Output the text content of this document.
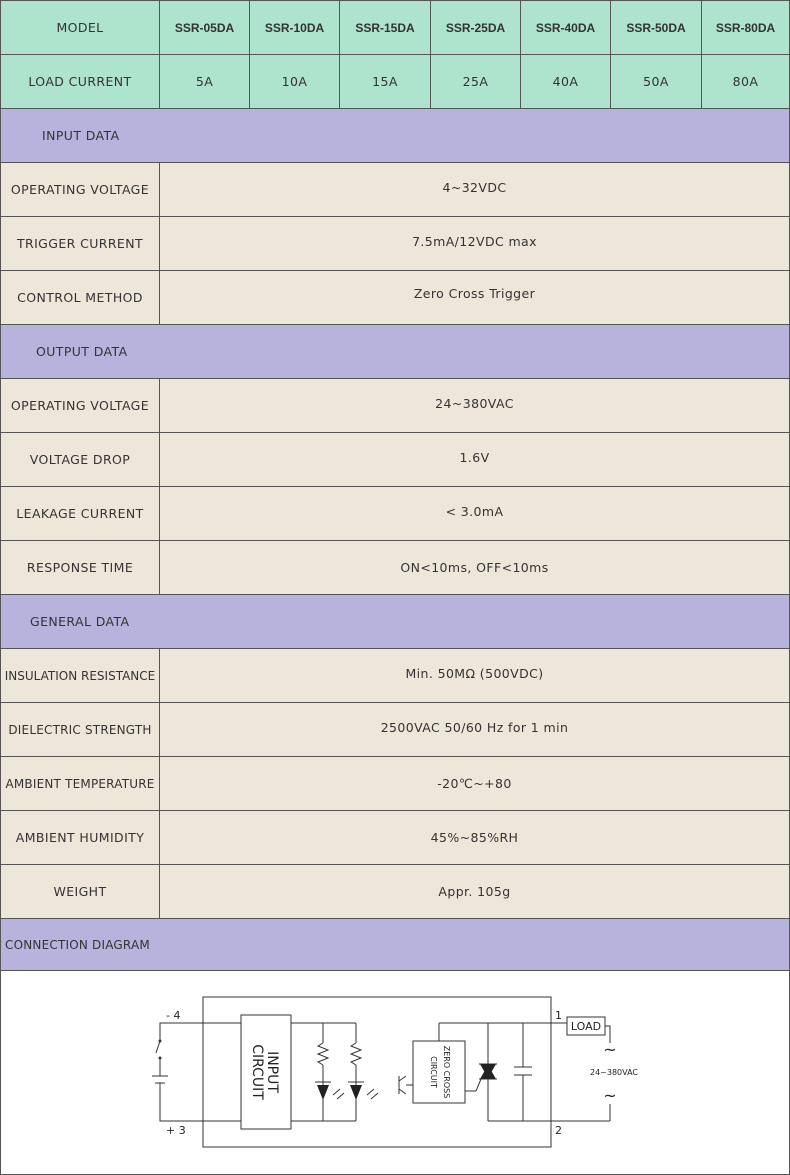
MODEL	SSR-05DA	SSR-10DA	SSR-15DA	SSR-25DA	SSR-40DA	SSR-50DA	SSR-80DA
LOAD CURRENT	5A	10A	15A	25A	40A	50A	80A
INPUT DATA
OPERATING VOLTAGE	4~32VDC
TRIGGER CURRENT	7.5mA/12VDC max
CONTROL METHOD	Zero Cross Trigger
OUTPUT DATA
OPERATING VOLTAGE	24~380VAC
VOLTAGE DROP	1.6V
LEAKAGE CURRENT	< 3.0mA
RESPONSE TIME	ON<10ms, OFF<10ms
GENERAL DATA
INSULATION RESISTANCE	Min. 50MΩ (500VDC)
DIELECTRIC STRENGTH	2500VAC 50/60 Hz for 1 min
AMBIENT TEMPERATURE	-20℃~+80
AMBIENT HUMIDITY	45%~85%RH
WEIGHT	Appr. 105g
CONNECTION DIAGRAM
- 4
+ 3
1
2
INPUT
CIRCUIT	ZERO CROSS
CIRCUIT
LOAD
~
24~380VAC
~
